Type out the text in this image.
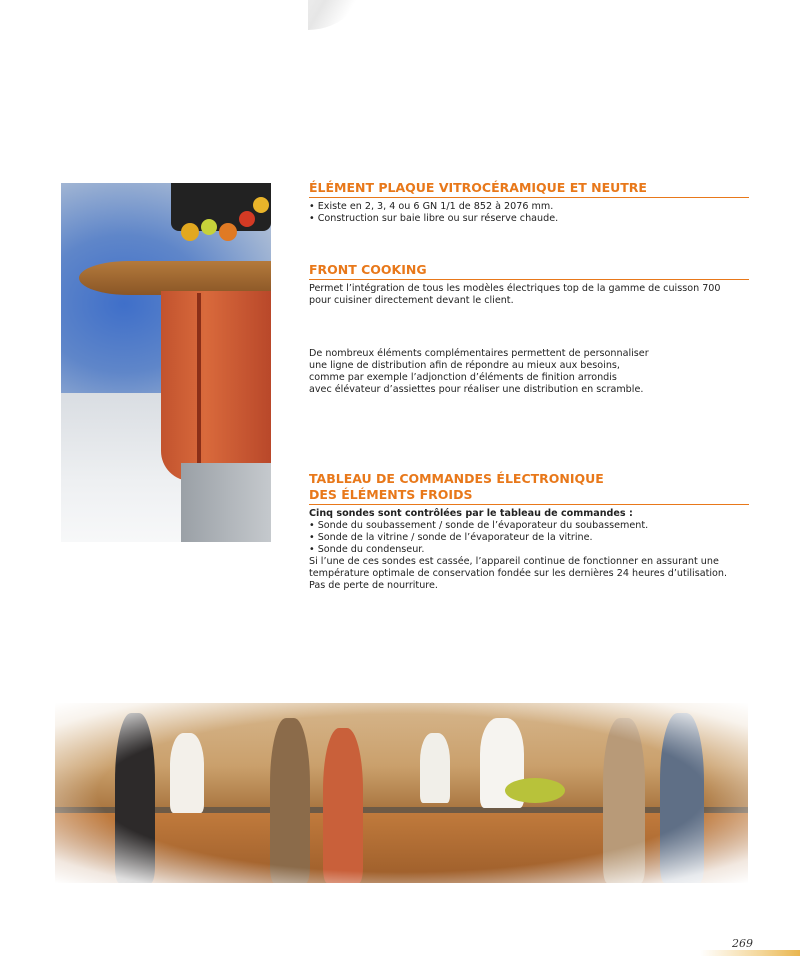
ÉLÉMENT PLAQUE VITROCÉRAMIQUE ET NEUTRE

• Existe en 2, 3, 4 ou 6 GN 1/1 de 852 à 2076 mm.

• Construction sur baie libre ou sur réserve chaude.

FRONT COOKING

Permet l’intégration de tous les modèles électriques top de la gamme de cuisson 700

pour cuisiner directement devant le client.

De nombreux éléments complémentaires permettent de personnaliser

une ligne de distribution afin de répondre au mieux aux besoins,

comme par exemple l’adjonction d’éléments de finition arrondis

avec élévateur d’assiettes pour réaliser une distribution en scramble.

TABLEAU DE COMMANDES ÉLECTRONIQUE
DES ÉLÉMENTS FROIDS

Cinq sondes sont contrôlées par le tableau de commandes :

• Sonde du soubassement / sonde de l’évaporateur du soubassement.

• Sonde de la vitrine / sonde de l’évaporateur de la vitrine.

• Sonde du condenseur.

Si l’une de ces sondes est cassée, l’appareil continue de fonctionner en assurant une

température optimale de conservation fondée sur les dernières 24 heures d’utilisation.

Pas de perte de nourriture.

269
